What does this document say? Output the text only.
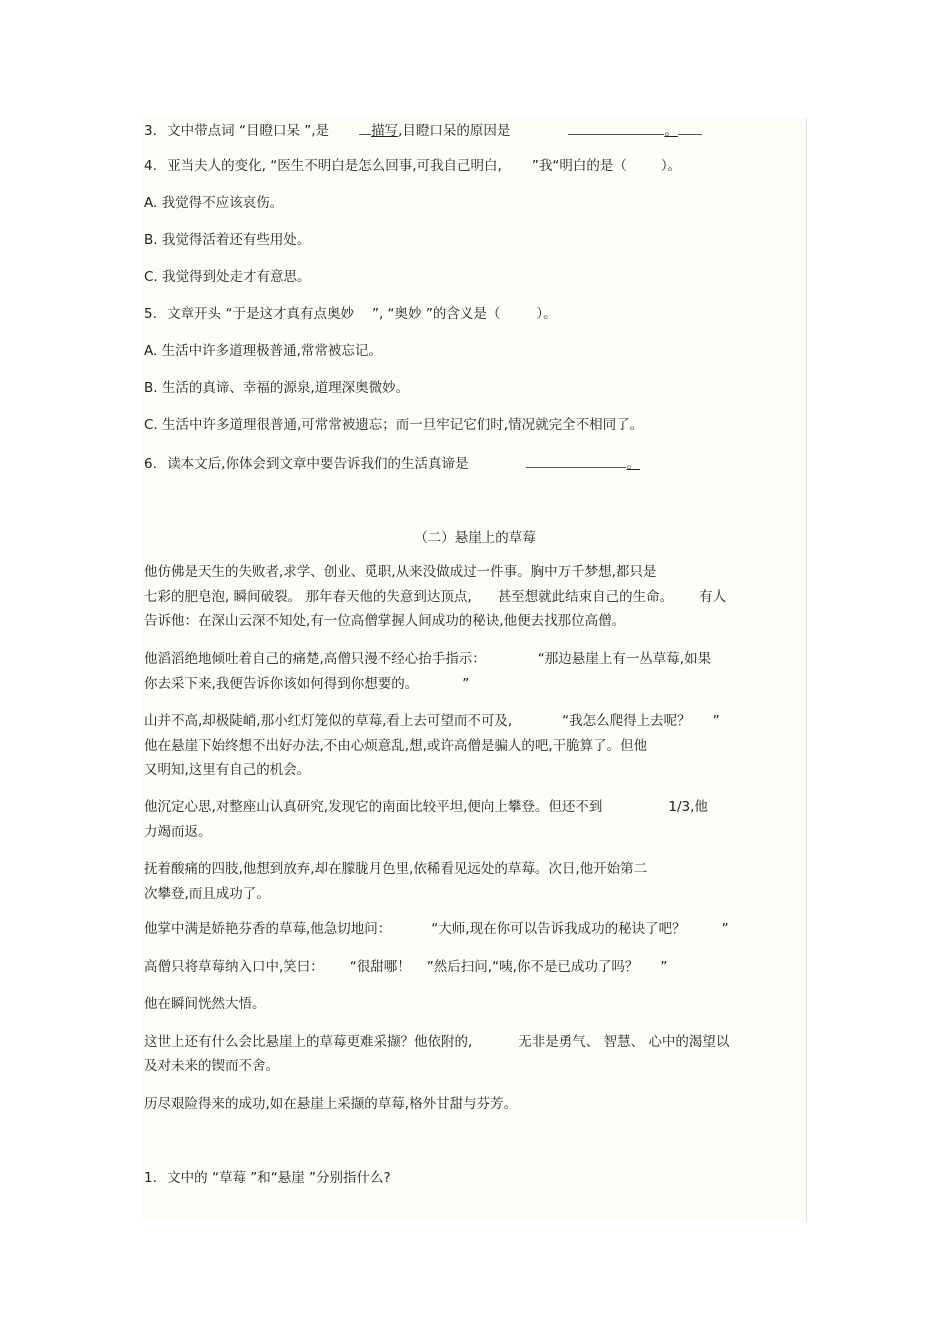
3. 文中带点词 “目瞪口呆 ”,是	描写,目瞪口呆的原因是	。
4. 亚当夫人的变化, “医生不明白是怎么回事,可我自己明白, ”我“明白的是（	）。
A. 我觉得不应该哀伤。
B. 我觉得活着还有些用处。
C. 我觉得到处走才有意思。
5. 文章开头 “于是这才真有点奥妙 ”, “奥妙 ”的含义是（	）。
A. 生活中许多道理极普通,常常被忘记。
B. 生活的真谛、幸福的源泉,道理深奥微妙。
C. 生活中许多道理很普通,可常常被遗忘；而一旦牢记它们时,情况就完全不相同了。
6. 读本文后,你体会到文章中要告诉我们的生活真谛是	。
（二）悬崖上的草莓
他仿佛是天生的失败者,求学、创业、觅职,从来没做成过一件事。胸中万千梦想,都只是
七彩的肥皂泡, 瞬间破裂。 那年春天他的失意到达顶点, 甚至想就此结束自己的生命。 有人
告诉他：在深山云深不知处,有一位高僧掌握人间成功的秘诀,他便去找那位高僧。
他滔滔绝地倾吐着自己的痛楚,高僧只漫不经心抬手指示：	“那边悬崖上有一丛草莓,如果
你去采下来,我便告诉你该如何得到你想要的。	”
山并不高,却极陡峭,那小红灯笼似的草莓,看上去可望而不可及,	“我怎么爬得上去呢？ ”
他在悬崖下始终想不出好办法,不由心烦意乱,想,或许高僧是骗人的吧,干脆算了。但他
又明知,这里有自己的机会。
他沉定心思,对整座山认真研究,发现它的南面比较平坦,便向上攀登。但还不到	1/3,他
力竭而返。
抚着酸痛的四肢,他想到放弃,却在朦胧月色里,依稀看见远处的草莓。次日,他开始第二
次攀登,而且成功了。
他掌中满是娇艳芬香的草莓,他急切地问：	“大师,现在你可以告诉我成功的秘诀了吧？	”
高僧只将草莓纳入口中,笑曰： “很甜哪！ ”然后扫问,“咦,你不是已成功了吗？ ”
他在瞬间恍然大悟。
这世上还有什么会比悬崖上的草莓更难采撷？他依附的,	无非是勇气、 智慧、 心中的渴望以
及对未来的锲而不舍。
历尽艰险得来的成功,如在悬崖上采撷的草莓,格外甘甜与芬芳。
1. 文中的 “草莓 ”和“悬崖 ”分别指什么?
